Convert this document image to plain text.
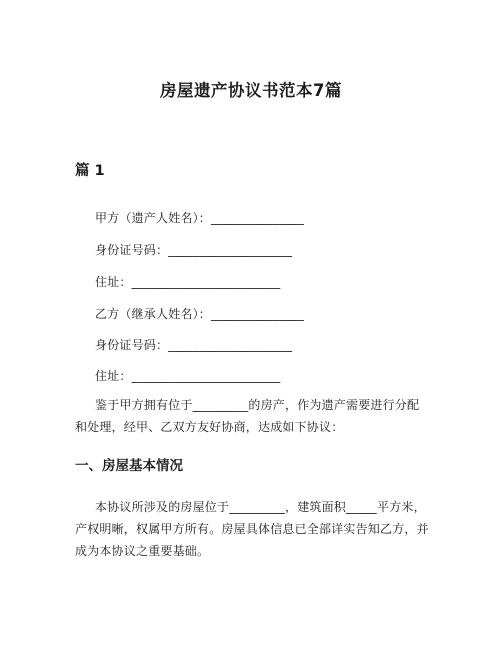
房屋遗产协议书范本7篇
篇 1
甲方（遗产人姓名）：_______________
身份证号码：____________________
住址：________________________
乙方（继承人姓名）：_______________
身份证号码：____________________
住址：________________________

鉴于甲方拥有位于_________的房产，作为遗产需要进行分配和处理，经甲、乙双方友好协商，达成如下协议：

一、房屋基本情况

本协议所涉及的房屋位于_________，建筑面积_____平方米，产权明晰，权属甲方所有。房屋具体信息已全部详实告知乙方，并成为本协议之重要基础。
